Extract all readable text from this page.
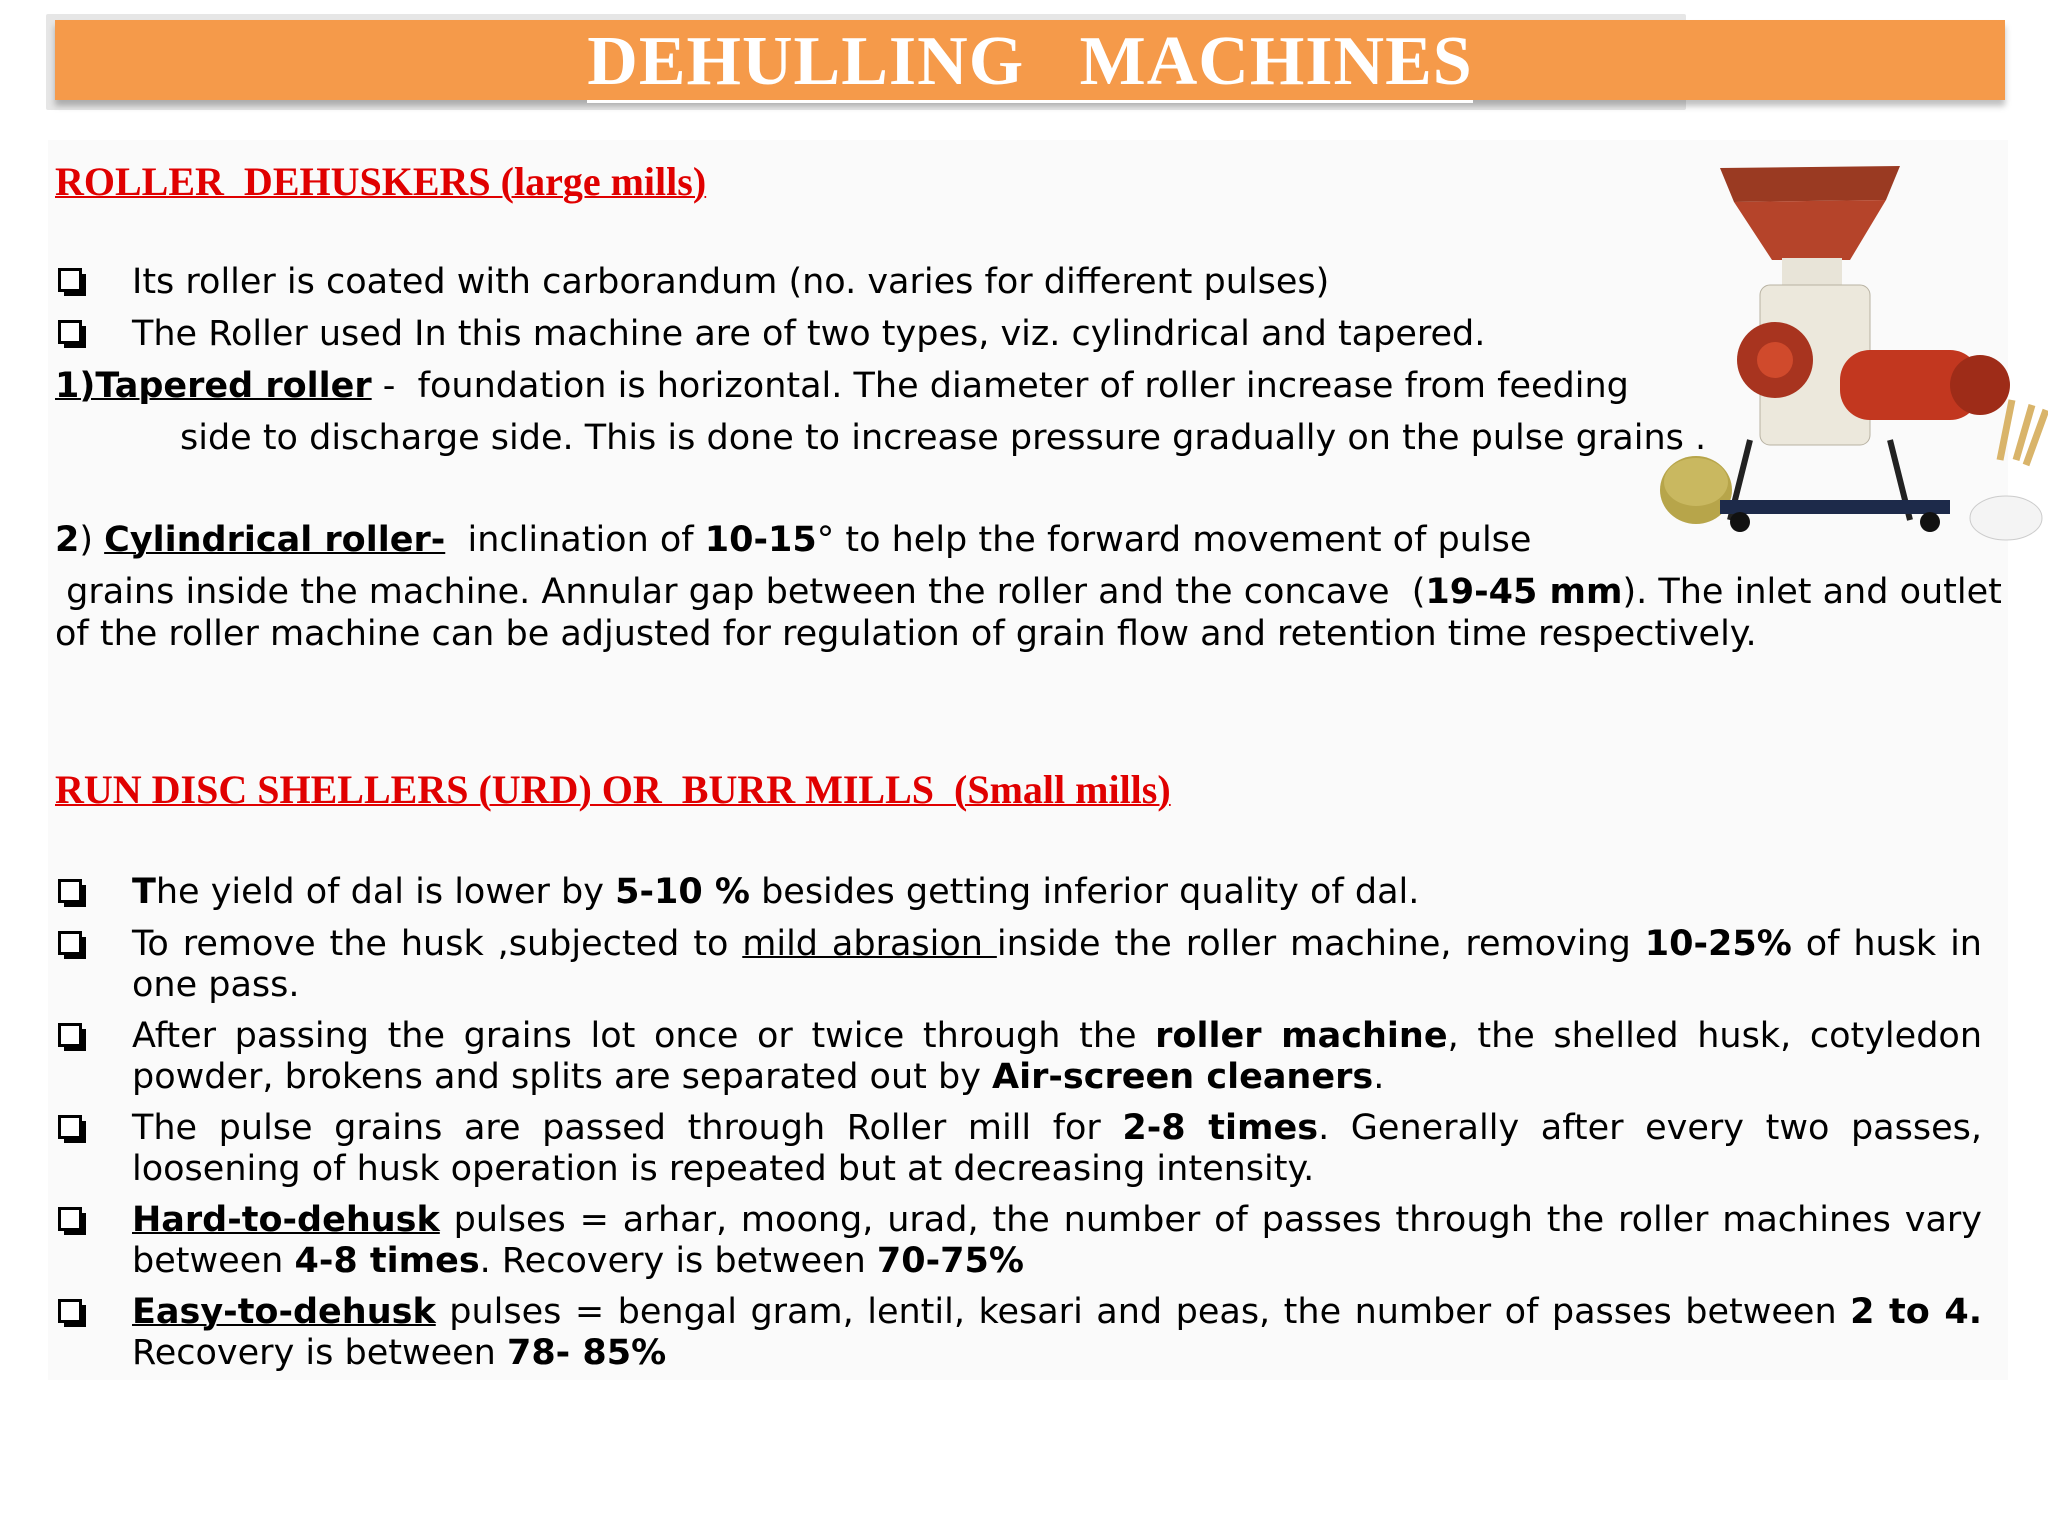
DEHULLING   MACHINES
ROLLER  DEHUSKERS (large mills)
Its roller is coated with carborandum (no. varies for different pulses)
The Roller used In this machine are of two types, viz. cylindrical and tapered.
1)Tapered roller -  foundation is horizontal. The diameter of roller increase from feeding
side to discharge side. This is done to increase pressure gradually on the pulse grains .
2) Cylindrical roller-  inclination of 10-15° to help the forward movement of pulse
grains inside the machine. Annular gap between the roller and the concave  (19-45 mm). The inlet and outlet
of the roller machine can be adjusted for regulation of grain flow and retention time respectively.
RUN DISC SHELLERS (URD) OR  BURR MILLS  (Small mills)
The yield of dal is lower by 5-10 % besides getting inferior quality of dal.
To remove the husk ,subjected to mild abrasion inside the roller machine, removing 10-25% of husk in one pass.
After passing the grains lot once or twice through the roller machine, the shelled husk, cotyledon powder, brokens and splits are separated out by Air-screen cleaners.
The pulse grains are passed through Roller mill for 2-8 times. Generally after every two passes, loosening of husk operation is repeated but at decreasing intensity.
Hard-to-dehusk pulses = arhar, moong, urad, the number of passes through the roller machines vary between 4-8 times. Recovery is between 70-75%
Easy-to-dehusk pulses = bengal gram, lentil, kesari and peas, the number of passes between 2 to 4. Recovery is between 78- 85%
